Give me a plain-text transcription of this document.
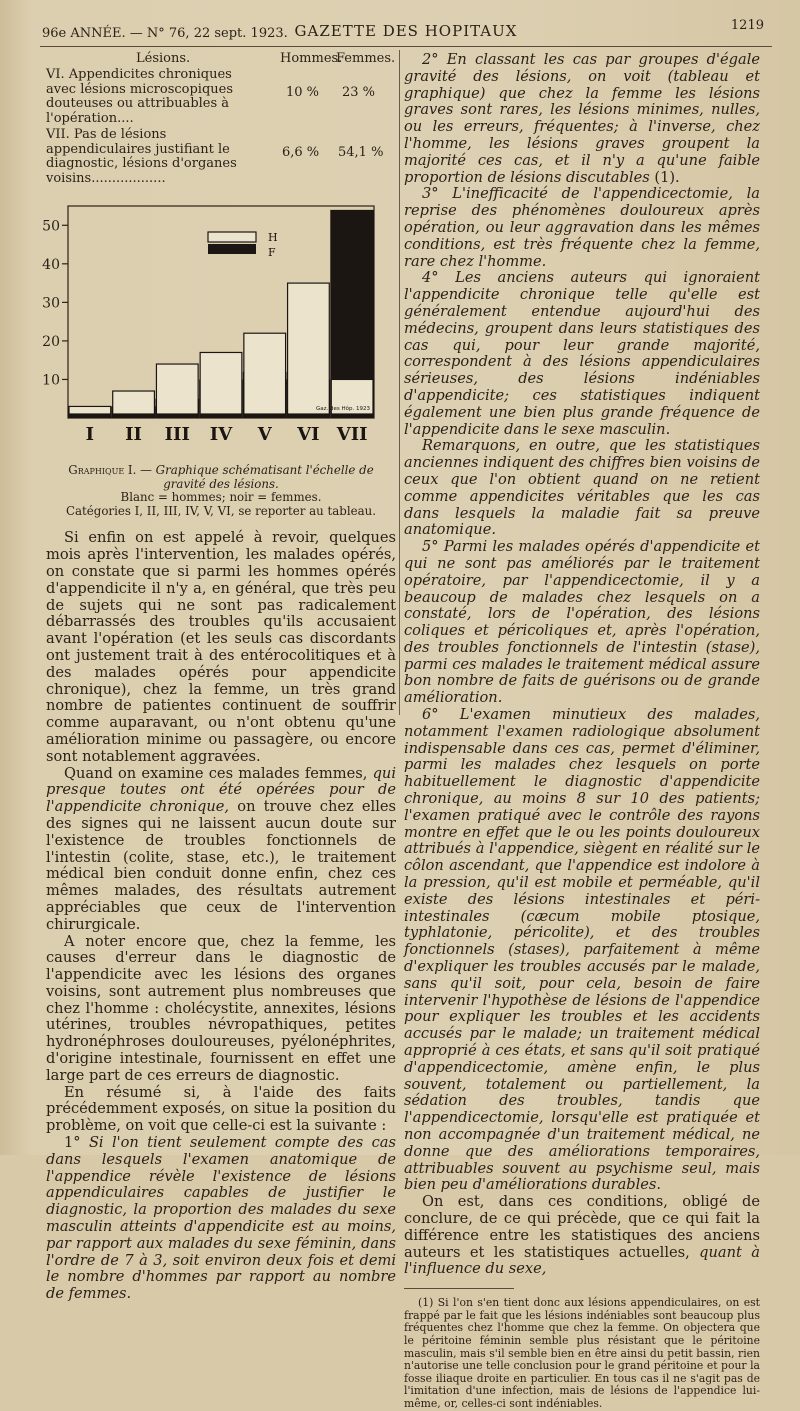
96e ANNÉE. — N° 76, 22 sept. 1923. GAZETTE DES HOPITAUX	1219
Lésions.	Hommes.
Femmes.
VI. Appendicites chroniques avec lésions microscopiques douteuses ou attribuables à l'opération....
10 % 23 %
VII. Pas de lésions appendiculaires justifiant le diagnostic, lésions d'organes voisins..................
6,6 % 54,1 %
50
40
30
20
10
I II III IV V VI VII
H
F
Gaz. des Hôp. 1923
Graphique I. — Graphique schématisant l'échelle de gravité des lésions.
Blanc = hommes; noir = femmes.
Catégories I, II, III, IV, V, VI, se reporter au tableau.

Si enfin on est appelé à revoir, quelques mois après l'intervention, les malades opérés, on constate que si parmi les hommes opérés d'appendicite il n'y a, en général, que très peu de sujets qui ne sont pas radicalement débarrassés des troubles qu'ils accusaient avant l'opération (et les seuls cas discordants ont justement trait à des entérocolitiques et à des malades opérés pour appendicite chronique), chez la femme, un très grand nombre de patientes continuent de souffrir comme auparavant, ou n'ont obtenu qu'une amélioration minime ou passagère, ou encore sont notablement aggravées.

Quand on examine ces malades femmes, qui presque toutes ont été opérées pour de l'appendicite chronique, on trouve chez elles des signes qui ne laissent aucun doute sur l'existence de troubles fonctionnels de l'intestin (colite, stase, etc.), le traitement médical bien conduit donne enfin, chez ces mêmes malades, des résultats autrement appréciables que ceux de l'intervention chirurgicale.

A noter encore que, chez la femme, les causes d'erreur dans le diagnostic de l'appendicite avec les lésions des organes voisins, sont autrement plus nombreuses que chez l'homme : cholécystite, annexites, lésions utérines, troubles névropathiques, petites hydronéphroses douloureuses, pyélonéphrites, d'origine intestinale, fournissent en effet une large part de ces erreurs de diagnostic.

En résumé si, à l'aide des faits précédemment exposés, on situe la position du problème, on voit que celle-ci est la suivante :

1° Si l'on tient seulement compte des cas dans lesquels l'examen anatomique de l'appendice révèle l'existence de lésions appendiculaires capables de justifier le diagnostic, la proportion des malades du sexe masculin atteints d'appendicite est au moins, par rapport aux malades du sexe féminin, dans l'ordre de 7 à 3, soit environ deux fois et demi le nombre d'hommes par rapport au nombre de femmes.

2° En classant les cas par groupes d'égale gravité des lésions, on voit (tableau et graphique) que chez la femme les lésions graves sont rares, les lésions minimes, nulles, ou les erreurs, fréquentes; à l'inverse, chez l'homme, les lésions graves groupent la majorité ces cas, et il n'y a qu'une faible proportion de lésions discutables (1).

3° L'inefficacité de l'appendicectomie, la reprise des phénomènes douloureux après opération, ou leur aggravation dans les mêmes conditions, est très fréquente chez la femme, rare chez l'homme.

4° Les anciens auteurs qui ignoraient l'appendicite chronique telle qu'elle est généralement entendue aujourd'hui des médecins, groupent dans leurs statistiques des cas qui, pour leur grande majorité, correspondent à des lésions appendiculaires sérieuses, des lésions indéniables d'appendicite; ces statistiques indiquent également une bien plus grande fréquence de l'appendicite dans le sexe masculin.

Remarquons, en outre, que les statistiques anciennes indiquent des chiffres bien voisins de ceux que l'on obtient quand on ne retient comme appendicites véritables que les cas dans lesquels la maladie fait sa preuve anatomique.

5° Parmi les malades opérés d'appendicite et qui ne sont pas améliorés par le traitement opératoire, par l'appendicectomie, il y a beaucoup de malades chez lesquels on a constaté, lors de l'opération, des lésions coliques et péricoliques et, après l'opération, des troubles fonctionnels de l'intestin (stase), parmi ces malades le traitement médical assure bon nombre de faits de guérisons ou de grande amélioration.

6° L'examen minutieux des malades, notamment l'examen radiologique absolument indispensable dans ces cas, permet d'éliminer, parmi les malades chez lesquels on porte habituellement le diagnostic d'appendicite chronique, au moins 8 sur 10 des patients; l'examen pratiqué avec le contrôle des rayons montre en effet que le ou les points douloureux attribués à l'appendice, siègent en réalité sur le côlon ascendant, que l'appendice est indolore à la pression, qu'il est mobile et perméable, qu'il existe des lésions intestinales et péri-intestinales (cæcum mobile ptosique, typhlatonie, péricolite), et des troubles fonctionnels (stases), parfaitement à même d'expliquer les troubles accusés par le malade, sans qu'il soit, pour cela, besoin de faire intervenir l'hypothèse de lésions de l'appendice pour expliquer les troubles et les accidents accusés par le malade; un traitement médical approprié à ces états, et sans qu'il soit pratiqué d'appendicectomie, amène enfin, le plus souvent, totalement ou partiellement, la sédation des troubles, tandis que l'appendicectomie, lorsqu'elle est pratiquée et non accompagnée d'un traitement médical, ne donne que des améliorations temporaires, attribuables souvent au psychisme seul, mais bien peu d'améliorations durables.

On est, dans ces conditions, obligé de conclure, de ce qui précède, que ce qui fait la différence entre les statistiques des anciens auteurs et les statistiques actuelles, quant à l'influence du sexe,

(1) Si l'on s'en tient donc aux lésions appendiculaires, on est frappé par le fait que les lésions indéniables sont beaucoup plus fréquentes chez l'homme que chez la femme. On objectera que le péritoine féminin semble plus résistant que le péritoine masculin, mais s'il semble bien en être ainsi du petit bassin, rien n'autorise une telle conclusion pour le grand péritoine et pour la fosse iliaque droite en particulier. En tous cas il ne s'agit pas de l'imitation d'une infection, mais de lésions de l'appendice lui-même, or, celles-ci sont indéniables.
